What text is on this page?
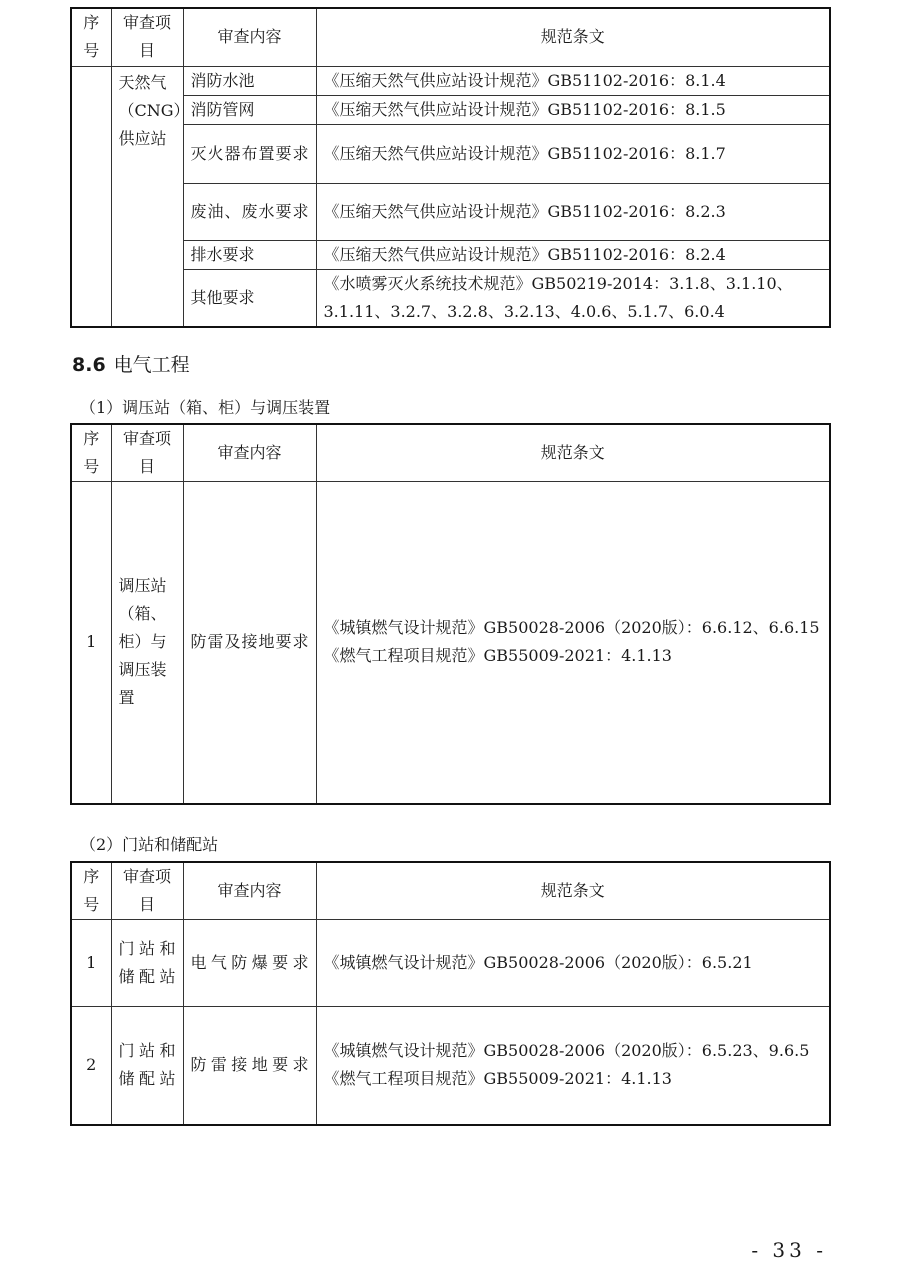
序号	审查项目	审查内容	规范条文
	天然气（CNG）供应站	消防水池	《压缩天然气供应站设计规范》GB51102-2016：8.1.4
		消防管网	《压缩天然气供应站设计规范》GB51102-2016：8.1.5
		灭火器布置要求	《压缩天然气供应站设计规范》GB51102-2016：8.1.7
		废油、废水要求	《压缩天然气供应站设计规范》GB51102-2016：8.2.3
		排水要求	《压缩天然气供应站设计规范》GB51102-2016：8.2.4
		其他要求	《水喷雾灭火系统技术规范》GB50219-2014：3.1.8、3.1.10、3.1.11、3.2.7、3.2.8、3.2.13、4.0.6、5.1.7、6.0.4
8.6 电气工程
（1）调压站（箱、柜）与调压装置
序号	审查项目	审查内容	规范条文
1	调压站（箱、柜）与调压装置	防雷及接地要求	《城镇燃气设计规范》GB50028-2006（2020版）：6.6.12、6.6.15
《燃气工程项目规范》GB55009-2021：4.1.13
（2）门站和储配站
序号	审查项目	审查内容	规范条文
1	门站和储配站	电气防爆要求	《城镇燃气设计规范》GB50028-2006（2020版）：6.5.21

2	门站和储配站	防雷接地要求	《城镇燃气设计规范》GB50028-2006（2020版）：6.5.23、9.6.5
《燃气工程项目规范》GB55009-2021：4.1.13
- 33 -
